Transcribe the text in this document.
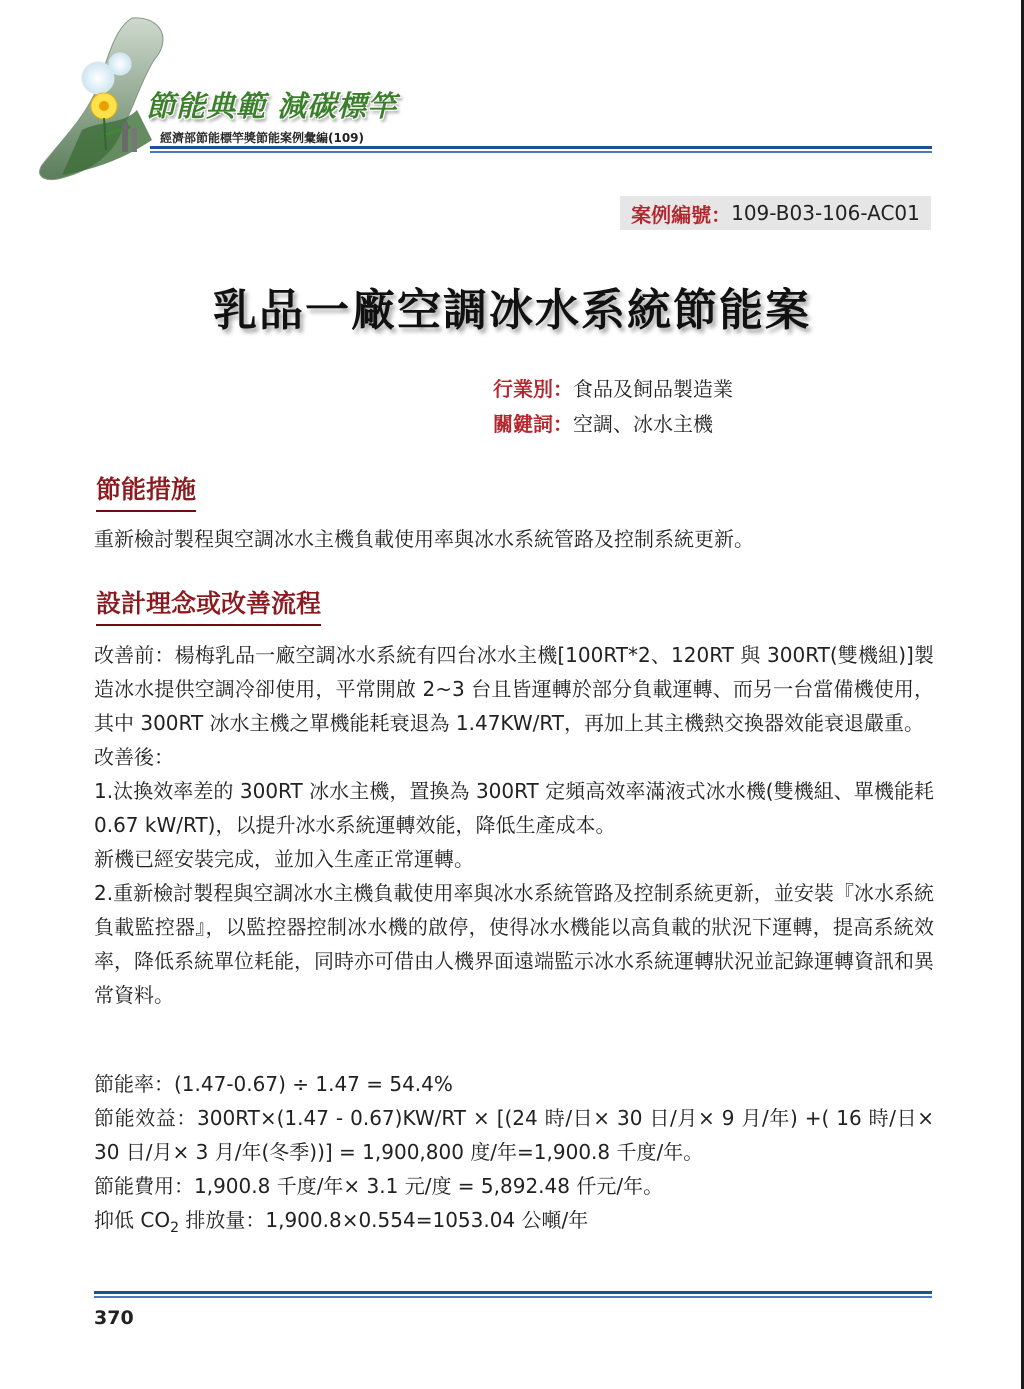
節能典範 減碳標竿
經濟部節能標竿獎節能案例彙編(109)
案例編號： 109-B03-106-AC01
乳品一廠空調冰水系統節能案
行業別：食品及飼品製造業
關鍵詞：空調、冰水主機
節能措施
重新檢討製程與空調冰水主機負載使用率與冰水系統管路及控制系統更新。
設計理念或改善流程

改善前：楊梅乳品一廠空調冰水系統有四台冰水主機[100RT*2、120RT 與 300RT(雙機組)]製造冰水提供空調冷卻使用，平常開啟 2~3 台且皆運轉於部分負載運轉、而另一台當備機使用，其中 300RT 冰水主機之單機能耗衰退為 1.47KW/RT，再加上其主機熱交換器效能衰退嚴重。

改善後：

1.汰換效率差的 300RT 冰水主機，置換為 300RT 定頻高效率滿液式冰水機(雙機組、單機能耗 0.67 kW/RT)，以提升冰水系統運轉效能，降低生產成本。

新機已經安裝完成，並加入生產正常運轉。

2.重新檢討製程與空調冰水主機負載使用率與冰水系統管路及控制系統更新，並安裝『冰水系統負載監控器』，以監控器控制冰水機的啟停，使得冰水機能以高負載的狀況下運轉，提高系統效率，降低系統單位耗能，同時亦可借由人機界面遠端監示冰水系統運轉狀況並記錄運轉資訊和異常資料。

節能率：(1.47-0.67) ÷ 1.47 = 54.4%

節能效益：300RT×(1.47 - 0.67)KW/RT × [(24 時/日× 30 日/月× 9 月/年) +( 16 時/日× 30 日/月× 3 月/年(冬季))] = 1,900,800 度/年=1,900.8 千度/年。

節能費用：1,900.8 千度/年× 3.1 元/度 = 5,892.48 仟元/年。

抑低 $CO_2$ 排放量：1,900.8×0.554=1053.04 公噸/年

370
